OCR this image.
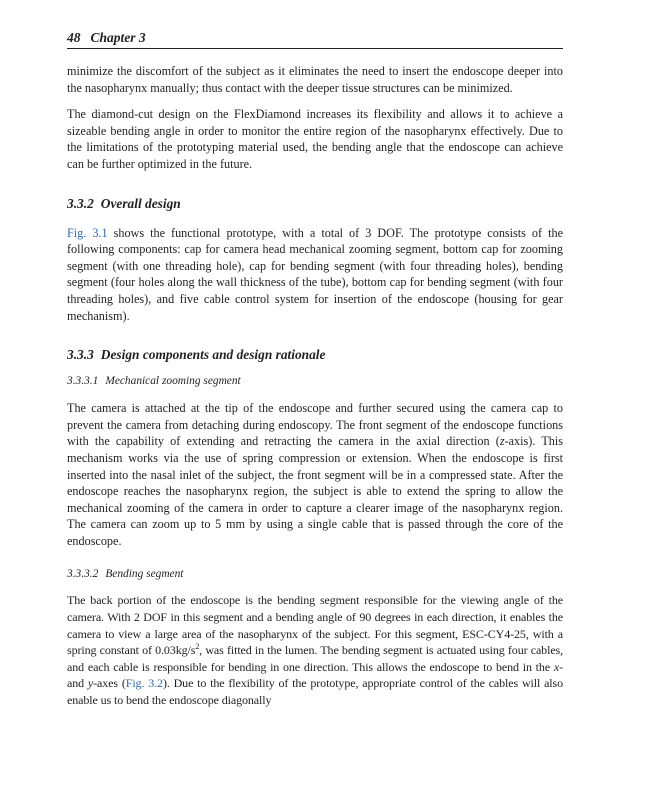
48 Chapter 3

minimize the discomfort of the subject as it eliminates the need to insert the endoscope deeper into the nasopharynx manually; thus contact with the deeper tissue structures can be minimized.

The diamond-cut design on the FlexDiamond increases its flexibility and allows it to achieve a sizeable bending angle in order to monitor the entire region of the nasopharynx effectively. Due to the limitations of the prototyping material used, the bending angle that the endoscope can achieve can be further optimized in the future.

3.3.2 Overall design

Fig. 3.1 shows the functional prototype, with a total of 3 DOF. The prototype consists of the following components: cap for camera head mechanical zooming segment, bottom cap for zooming segment (with one threading hole), cap for bending segment (with four threading holes), bending segment (four holes along the wall thickness of the tube), bottom cap for bending segment (with four threading holes), and five cable control system for insertion of the endoscope (housing for gear mechanism).

3.3.3 Design components and design rationale
3.3.3.1 Mechanical zooming segment

The camera is attached at the tip of the endoscope and further secured using the camera cap to prevent the camera from detaching during endoscopy. The front segment of the endoscope functions with the capability of extending and retracting the camera in the axial direction (z-axis). This mechanism works via the use of spring compression or extension. When the endoscope is first inserted into the nasal inlet of the subject, the front segment will be in a compressed state. After the endoscope reaches the nasopharynx region, the subject is able to extend the spring to allow the mechanical zooming of the camera in order to capture a clearer image of the nasopharynx region. The camera can zoom up to 5 mm by using a single cable that is passed through the core of the endoscope.

3.3.3.2 Bending segment

The back portion of the endoscope is the bending segment responsible for the viewing angle of the camera. With 2 DOF in this segment and a bending angle of 90 degrees in each direction, it enables the camera to view a large area of the nasopharynx of the subject. For this segment, ESC-CY4-25, with a spring constant of $0.03kg/s^2$, was fitted in the lumen. The bending segment is actuated using four cables, and each cable is responsible for bending in one direction. This allows the endoscope to bend in the x- and y-axes (Fig. 3.2). Due to the flexibility of the prototype, appropriate control of the cables will also enable us to bend the endoscope diagonally
